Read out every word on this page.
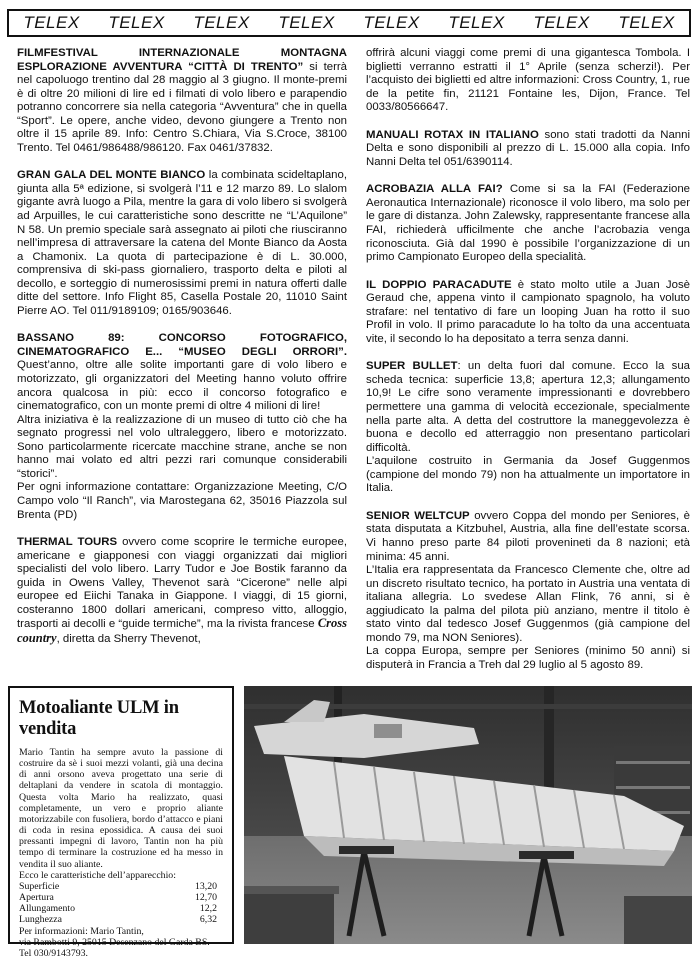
TELEX TELEX TELEX TELEX TELEX TELEX TELEX TELEX

FILMFESTIVAL INTERNAZIONALE MONTAGNA ESPLORAZIONE AVVENTURA “CITTÀ DI TRENTO” si terrà nel capoluogo trentino dal 28 maggio al 3 giugno. Il monte-premi è di oltre 20 milioni di lire ed i filmati di volo libero e parapendio potranno concorrere sia nella categoria “Avventura” che in quella “Sport”. Le opere, anche video, devono giungere a Trento non oltre il 15 aprile 89. Info: Centro S.Chiara, Via S.Croce, 38100 Trento. Tel 0461/986488/986120. Fax 0461/37832.

GRAN GALA DEL MONTE BIANCO la combinata scideltaplano, giunta alla 5ª edizione, si svolgerà l’11 e 12 marzo 89. Lo slalom gigante avrà luogo a Pila, mentre la gara di volo libero si svolgerà ad Arpuilles, le cui caratteristiche sono descritte ne “L’Aquilone” N 58. Un premio speciale sarà assegnato ai piloti che riusciranno nell’impresa di attraversare la catena del Monte Bianco da Aosta a Chamonix. La quota di partecipazione è di L. 30.000, comprensiva di ski-pass giornaliero, trasporto delta e piloti al decollo, e sorteggio di numerosissimi premi in natura offerti dalle ditte del settore. Info Flight 85, Casella Postale 20, 11010 Saint Pierre AO. Tel 011/9189109; 0165/903646.

BASSANO 89: CONCORSO FOTOGRAFICO, CINEMATOGRAFICO E... “MUSEO DEGLI ORRORI”. Quest’anno, oltre alle solite importanti gare di volo libero e motorizzato, gli organizzatori del Meeting hanno voluto offrire ancora qualcosa in più: ecco il concorso fotografico e cinematografico, con un monte premi di oltre 4 milioni di lire!

Altra iniziativa è la realizzazione di un museo di tutto ciò che ha segnato progressi nel volo ultraleggero, libero e motorizzato. Sono particolarmente ricercate macchine strane, anche se non hanno mai volato ed altri pezzi rari comunque considerabili “storici”.

Per ogni informazione contattare: Organizzazione Meeting, C/O Campo volo “Il Ranch”, via Marostegana 62, 35016 Piazzola sul Brenta (PD)

THERMAL TOURS ovvero come scoprire le termiche europee, americane e giapponesi con viaggi organizzati dai migliori specialisti del volo libero. Larry Tudor e Joe Bostik faranno da guida in Owens Valley, Thevenot sarà “Cicerone” nelle alpi europee ed Eiichi Tanaka in Giappone. I viaggi, di 15 giorni, costeranno 1800 dollari americani, compreso vitto, alloggio, trasporti ai decolli e “guide termiche”, ma la rivista francese Cross country, diretta da Sherry Thevenot,

offrirà alcuni viaggi come premi di una gigantesca Tombola. I biglietti verranno estratti il 1° Aprile (senza scherzi!). Per l’acquisto dei biglietti ed altre informazioni: Cross Country, 1, rue de la petite fin, 21121 Fontaine les, Dijon, France. Tel 0033/80566647.

MANUALI ROTAX IN ITALIANO sono stati tradotti da Nanni Delta e sono disponibili al prezzo di L. 15.000 alla copia. Info Nanni Delta tel 051/6390114.

ACROBAZIA ALLA FAI? Come si sa la FAI (Federazione Aeronautica Internazionale) riconosce il volo libero, ma solo per le gare di distanza. John Zalewsky, rappresentante francese alla FAI, richiederà ufficilmente che anche l’acrobazia venga riconosciuta. Già dal 1990 è possibile l’organizzazione di un primo Campionato Europeo della specialità.

IL DOPPIO PARACADUTE è stato molto utile a Juan Josè Geraud che, appena vinto il campionato spagnolo, ha voluto strafare: nel tentativo di fare un looping Juan ha rotto il suo Profil in volo. Il primo paracadute lo ha tolto da una accentuata vite, il secondo lo ha depositato a terra senza danni.

SUPER BULLET: un delta fuori dal comune. Ecco la sua scheda tecnica: superficie 13,8; apertura 12,3; allungamento 10,9! Le cifre sono veramente impressionanti e dovrebbero permettere una gamma di velocità eccezionale, specialmente nella parte alta. A detta del costruttore la maneggevolezza è buona e decollo ed atterraggio non presentano particolari difficoltà.

L’aquilone costruito in Germania da Josef Guggenmos (campione del mondo 79) non ha attualmente un importatore in Italia.

SENIOR WELTCUP ovvero Coppa del mondo per Seniores, è stata disputata a Kitzbuhel, Austria, alla fine dell’estate scorsa. Vi hanno preso parte 84 piloti provenineti da 8 nazioni; età minima: 45 anni.

L’Italia era rappresentata da Francesco Clemente che, oltre ad un discreto risultato tecnico, ha portato in Austria una ventata di italiana allegria. Lo svedese Allan Flink, 76 anni, si è aggiudicato la palma del pilota più anziano, mentre il titolo è stato vinto dal tedesco Josef Guggenmos (già campione del mondo 79, ma NON Seniores).

La coppa Europa, sempre per Seniores (minimo 50 anni) si disputerà in Francia a Treh dal 29 luglio al 5 agosto 89.

Motoaliante ULM in vendita

Mario Tantin ha sempre avuto la passione di costruire da sè i suoi mezzi volanti, già una decina di anni orsono aveva progettato una serie di deltaplani da vendere in scatola di montaggio. Questa volta Mario ha realizzato, quasi completamente, un vero e proprio aliante motorizzabile con fusoliera, bordo d’attacco e piani di coda in resina epossidica. A causa dei suoi pressanti impegni di lavoro, Tantin non ha più tempo di terminare la costruzione ed ha messo in vendita il suo aliante.

Ecco le caratteristiche dell’apparecchio:

Superficie	13,20
Apertura	12,70
Allungamento	12,2
Lunghezza	6,32

Per informazioni: Mario Tantin,

via Rambotti 9, 25015 Desenzano del Garda BS.

Tel 030/9143793.
